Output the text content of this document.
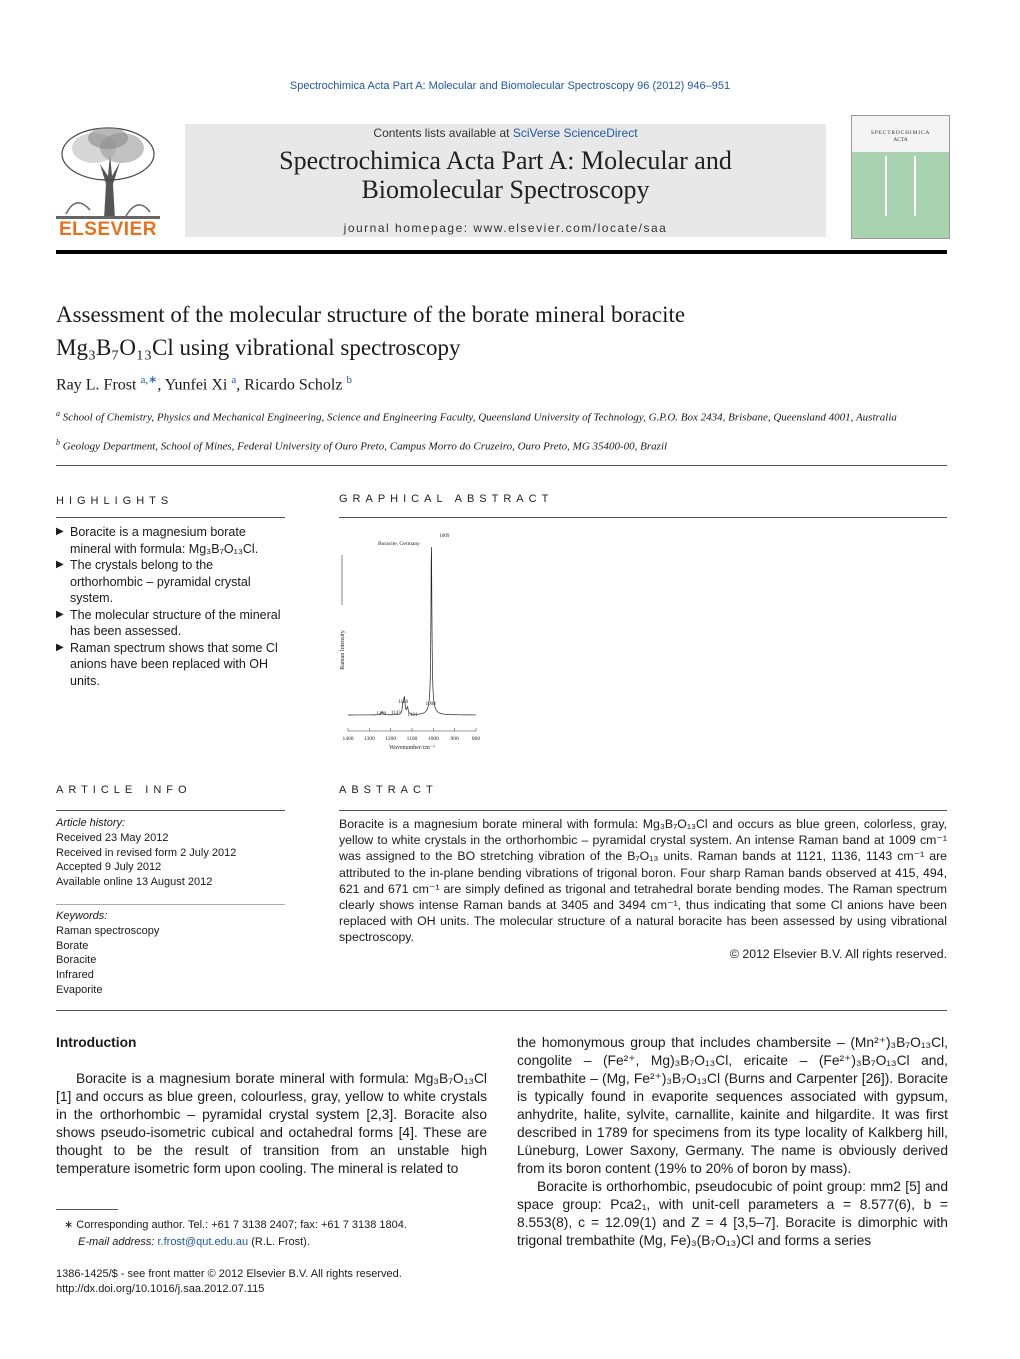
Spectrochimica Acta Part A: Molecular and Biomolecular Spectroscopy 96 (2012) 946–951
ELSEVIER
Contents lists available at SciVerse ScienceDirect
Spectrochimica Acta Part A: Molecular and
Biomolecular Spectroscopy
journal homepage: www.elsevier.com/locate/saa
SPECTROCHIMICA
ACTA
Assessment of the molecular structure of the borate mineral boracite
Mg₃B₇O₁₃Cl using vibrational spectroscopy
Ray L. Frost $^{a,∗}$, Yunfei Xi $^a$, Ricardo Scholz $^b$
$^a$ School of Chemistry, Physics and Mechanical Engineering, Science and Engineering Faculty, Queensland University of Technology, G.P.O. Box 2434, Brisbane, Queensland 4001, Australia
$^b$ Geology Department, School of Mines, Federal University of Ouro Preto, Campus Morro do Cruzeiro, Ouro Preto, MG 35400-00, Brazil
HIGHLIGHTS
▶ Boracite is a magnesium borate mineral with formula: Mg₃B₇O₁₃Cl.
▶ The crystals belong to the orthorhombic – pyramidal crystal system.
▶ The molecular structure of the mineral has been assessed.
▶ Raman spectrum shows that some Cl anions have been replaced with OH units.
GRAPHICAL ABSTRACT
Boracite, Germany
Raman Intensity
1400 1300 1200 1100 1000 900 800
1009
1136
1143 1121
1240
1008
Wavenumber/cm⁻¹
ARTICLE INFO
Article history:
Received 23 May 2012
Received in revised form 2 July 2012
Accepted 9 July 2012
Available online 13 August 2012
Keywords:
Raman spectroscopy
Borate
Boracite
Infrared
Evaporite
ABSTRACT
Boracite is a magnesium borate mineral with formula: Mg₃B₇O₁₃Cl and occurs as blue green, colorless, gray, yellow to white crystals in the orthorhombic – pyramidal crystal system. An intense Raman band at 1009 cm⁻¹ was assigned to the BO stretching vibration of the B₇O₁₃ units. Raman bands at 1121, 1136, 1143 cm⁻¹ are attributed to the in-plane bending vibrations of trigonal boron. Four sharp Raman bands observed at 415, 494, 621 and 671 cm⁻¹ are simply defined as trigonal and tetrahedral borate bending modes. The Raman spectrum clearly shows intense Raman bands at 3405 and 3494 cm⁻¹, thus indicating that some Cl anions have been replaced with OH units. The molecular structure of a natural boracite has been assessed by using vibrational spectroscopy.
© 2012 Elsevier B.V. All rights reserved.
Introduction
Boracite is a magnesium borate mineral with formula: Mg₃B₇O₁₃Cl [1] and occurs as blue green, colourless, gray, yellow to white crystals in the orthorhombic – pyramidal crystal system [2,3]. Boracite also shows pseudo-isometric cubical and octahedral forms [4]. These are thought to be the result of transition from an unstable high temperature isometric form upon cooling. The mineral is related to
the homonymous group that includes chambersite – (Mn²⁺)₃B₇O₁₃Cl, congolite – (Fe²⁺, Mg)₃B₇O₁₃Cl, ericaite – (Fe²⁺)₃B₇O₁₃Cl and, trembathite – (Mg, Fe²⁺)₃B₇O₁₃Cl (Burns and Carpenter [26]). Boracite is typically found in evaporite sequences associated with gypsum, anhydrite, halite, sylvite, carnallite, kainite and hilgardite. It was first described in 1789 for specimens from its type locality of Kalkberg hill, Lüneburg, Lower Saxony, Germany. The name is obviously derived from its boron content (19% to 20% of boron by mass).
Boracite is orthorhombic, pseudocubic of point group: mm2 [5] and space group: Pca2₁, with unit-cell parameters a = 8.577(6), b = 8.553(8), c = 12.09(1) and Z = 4 [3,5–7]. Boracite is dimorphic with trigonal trembathite (Mg, Fe)₃(B₇O₁₃)Cl and forms a series
∗ Corresponding author. Tel.: +61 7 3138 2407; fax: +61 7 3138 1804.
E-mail address: r.frost@qut.edu.au (R.L. Frost).
1386-1425/$ - see front matter © 2012 Elsevier B.V. All rights reserved.
http://dx.doi.org/10.1016/j.saa.2012.07.115
